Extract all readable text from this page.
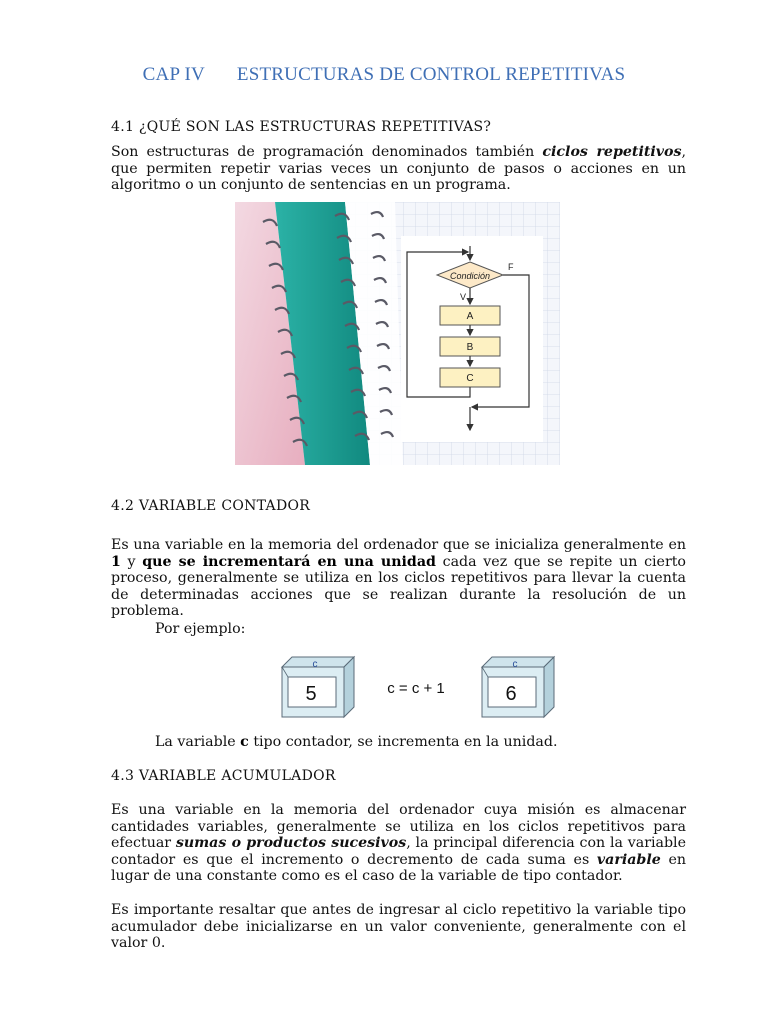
CAP IV ESTRUCTURAS DE CONTROL REPETITIVAS
4.1 ¿QUÉ SON LAS ESTRUCTURAS REPETITIVAS?
Son estructuras de programación denominados también ciclos repetitivos, que permiten repetir varias veces un conjunto de pasos o acciones en un algoritmo o un conjunto de sentencias en un programa.
Condición
F
V
A
B
C
4.2 VARIABLE CONTADOR
Es una variable en la memoria del ordenador que se inicializa generalmente en 1 y que se incrementará en una unidad cada vez que se repite un cierto proceso, generalmente se utiliza en los ciclos repetitivos para llevar la cuenta de determinadas acciones que se realizan durante la resolución de un problema.
Por ejemplo:
c
5	c = c + 1
c
6
La variable c tipo contador, se incrementa en la unidad.
4.3 VARIABLE ACUMULADOR
Es una variable en la memoria del ordenador cuya misión es almacenar cantidades variables, generalmente se utiliza en los ciclos repetitivos para efectuar sumas o productos sucesivos, la principal diferencia con la variable contador es que el incremento o decremento de cada suma es variable en lugar de una constante como es el caso de la variable de tipo contador.
Es importante resaltar que antes de ingresar al ciclo repetitivo la variable tipo acumulador debe inicializarse en un valor conveniente, generalmente con el valor 0.
